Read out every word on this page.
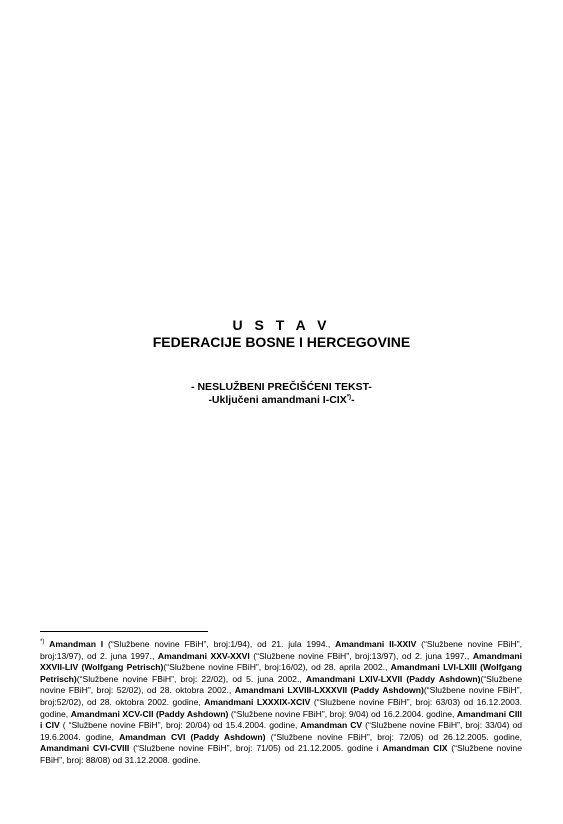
U S T A V
FEDERACIJE BOSNE I HERCEGOVINE
- NESLUŽBENI PREČIŠĆENI TEKST-
-Uključeni amandmani I-CIX*)-
*) Amandman I (“Službene novine FBiH”, broj:1/94), od 21. jula 1994., Amandmani II-XXIV (“Službene novine FBiH”, broj:13/97), od 2. juna 1997., Amandmani XXV-XXVI (“Službene novine FBiH”, broj:13/97), od 2. juna 1997., Amandmani XXVII-LIV (Wolfgang Petrisch)(“Službene novine FBiH”, broj:16/02), od 28. aprila 2002., Amandmani LVI-LXIII (Wolfgang Petrisch)(“Službene novine FBiH”, broj: 22/02), od 5. juna 2002., Amandmani LXIV-LXVII (Paddy Ashdown)(“Službene novine FBiH”, broj: 52/02), od 28. oktobra 2002., Amandmani LXVIII-LXXXVII (Paddy Ashdown)(“Službene novine FBiH”, broj:52/02), od 28. oktobra 2002. godine, Amandmani LXXXIX-XCIV (“Službene novine FBiH”, broj: 63/03) od 16.12.2003. godine, Amandmani XCV-CII (Paddy Ashdown) (“Službene novine FBiH”, broj: 9/04) od 16.2.2004. godine, Amandmani CIII i CIV ( “Službene novine FBiH”, broj: 20/04) od 15.4.2004. godine, Amandman CV (“Službene novine FBiH”, broj: 33/04) od 19.6.2004. godine, Amandman CVI (Paddy Ashdown) (“Službene novine FBiH”, broj: 72/05) od 26.12.2005. godine, Amandmani CVI-CVIII (“Službene novine FBiH”, broj: 71/05) od 21.12.2005. godine i Amandman CIX (“Službene novine FBiH”, broj: 88/08) od 31.12.2008. godine.
